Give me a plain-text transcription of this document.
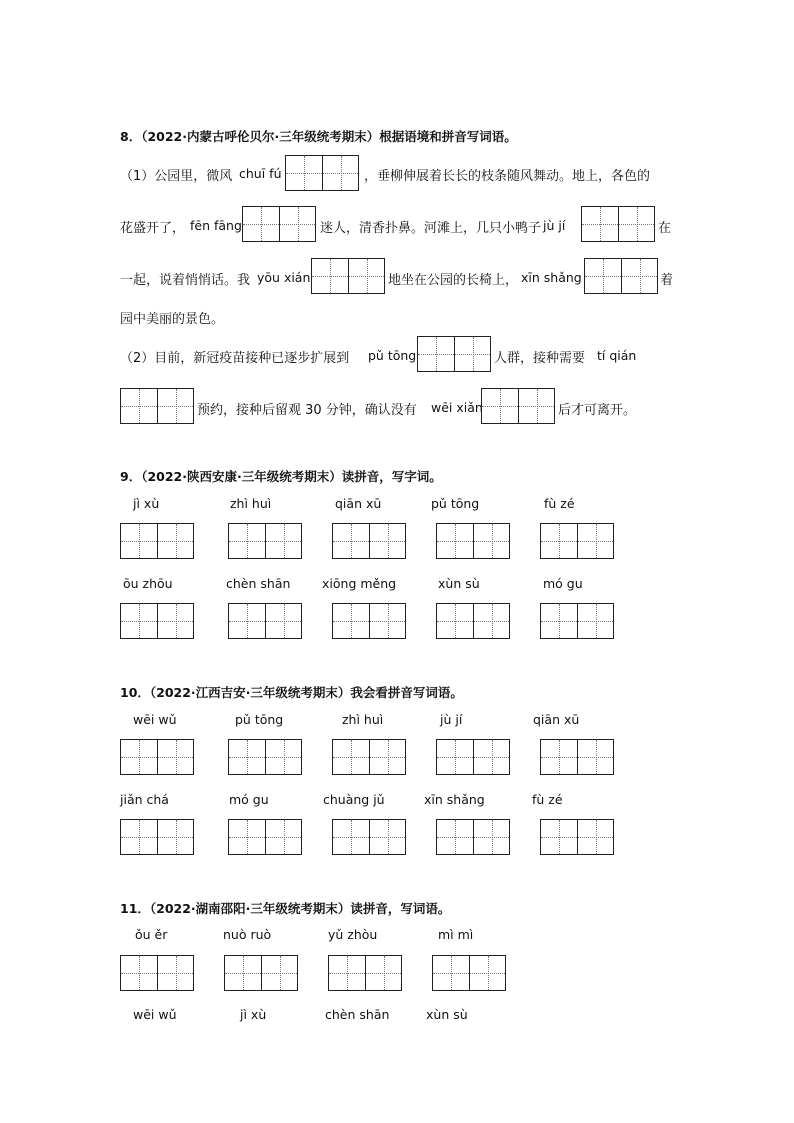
8．（2022·内蒙古呼伦贝尔·三年级统考期末）根据语境和拼音写词语。
（1）公园里，微风 chuī fú	，垂柳伸展着长长的枝条随风舞动。地上，各色的
花盛开了， fēn fāng	迷人，清香扑鼻。河滩上，几只小鸭子 jù jí	在
一起，说着悄悄话。我 yōu xián	地坐在公园的长椅上， xīn shǎng	着
园中美丽的景色。
（2）目前，新冠疫苗接种已逐步扩展到 pǔ tōng	人群，接种需要 tí qián
预约，接种后留观 30 分钟，确认没有 wēi xiǎn	后才可离开。
9．（2022·陕西安康·三年级统考期末）读拼音，写字词。
jì xù	zhì huì	qiān xū	pǔ tōng	fù zé
ōu zhōu	chèn shān	xiōng měng	xùn sù	mó gu
10．（2022·江西吉安·三年级统考期末）我会看拼音写词语。
wēi wǔ	pǔ tōng	zhì huì	jù jí	qiān xū
jiǎn chá	mó gu	chuàng jǔ	xīn shǎng	fù zé
11．（2022·湖南邵阳·三年级统考期末）读拼音，写词语。
ǒu ěr	nuò ruò	yǔ zhòu	mì mì
wēi wǔ	jì xù	chèn shān	xùn sù
